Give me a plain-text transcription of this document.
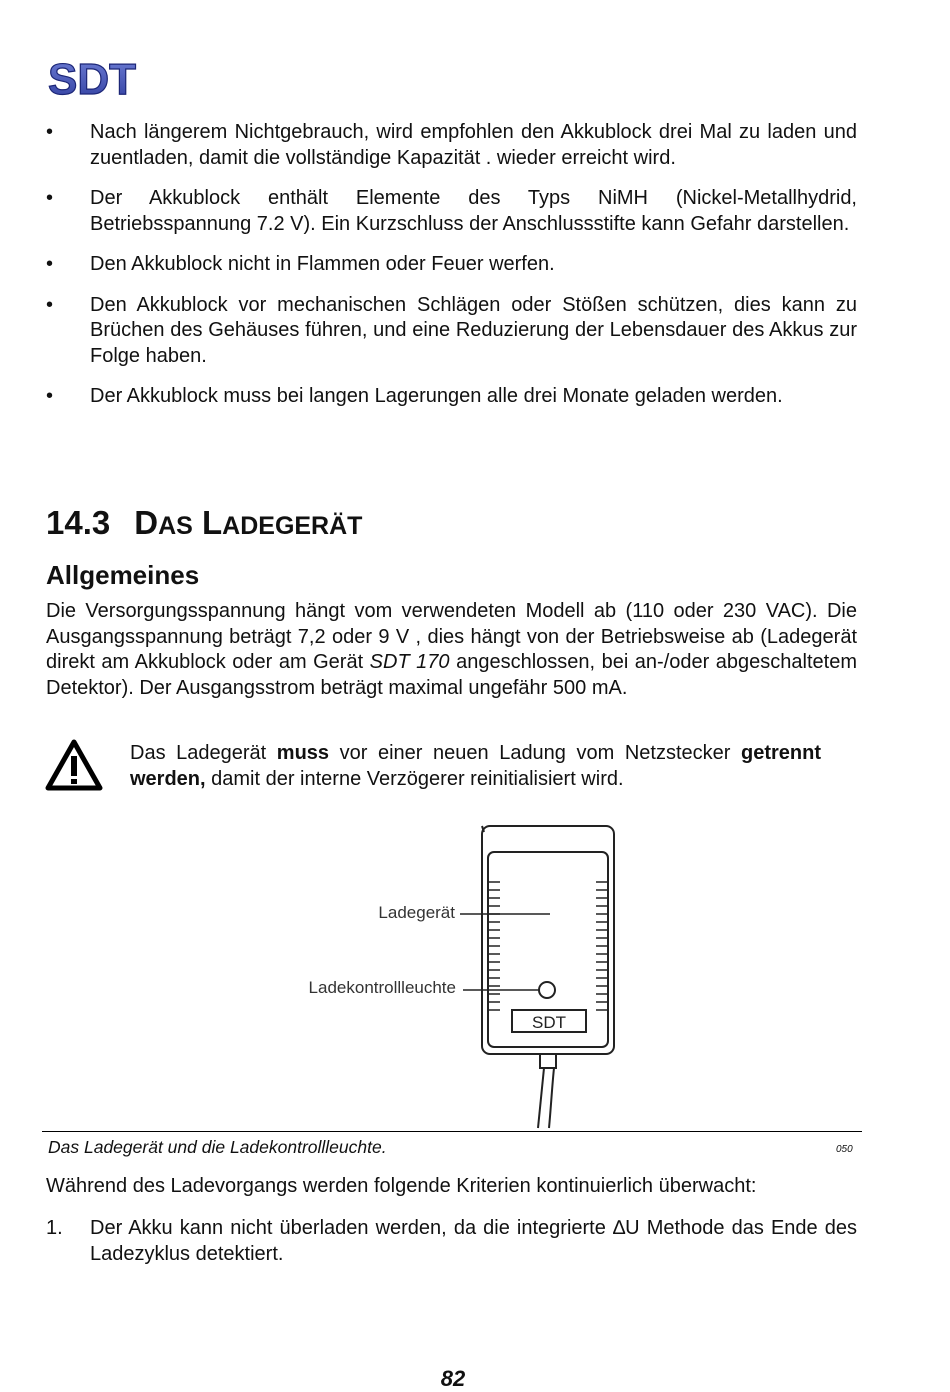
SDT
• Nach längerem Nichtgebrauch, wird empfohlen den Akkublock drei Mal zu laden und zuentladen, damit die vollständige Kapazität . wieder erreicht wird.
• Der Akkublock enthält Elemente des Typs NiMH (Nickel-Metallhydrid, Betriebsspannung 7.2 V). Ein Kurzschluss der Anschlussstifte kann Gefahr darstellen.
• Den Akkublock nicht in Flammen oder Feuer werfen.
• Den Akkublock vor mechanischen Schlägen oder Stößen schützen, dies kann zu Brüchen des Gehäuses führen, und eine Reduzierung der Lebensdauer des Akkus zur Folge haben.
• Der Akkublock muss bei langen Lagerungen alle drei Monate geladen werden.
14.3 DAS LADEGERÄT
Allgemeines

Die Versorgungsspannung hängt vom verwendeten Modell ab (110 oder 230 VAC). Die Ausgangsspannung beträgt 7,2 oder 9 V , dies hängt von der Betriebsweise ab (Ladegerät direkt am Akkublock oder am Gerät SDT 170 angeschlossen, bei an-/oder abgeschaltetem Detektor). Der Ausgangsstrom beträgt maximal ungefähr 500 mA.

Das Ladegerät muss vor einer neuen Ladung vom Netzstecker getrennt werden, damit der interne Verzögerer reinitialisiert wird.

Ladegerät
Ladekontrollleuchte
SDT
Das Ladegerät und die Ladekontrollleuchte.	050

Während des Ladevorgangs werden folgende Kriterien kontinuierlich überwacht:

1. Der Akku kann nicht überladen werden, da die integrierte ∆U Methode das Ende des Ladezyklus detektiert.
82
